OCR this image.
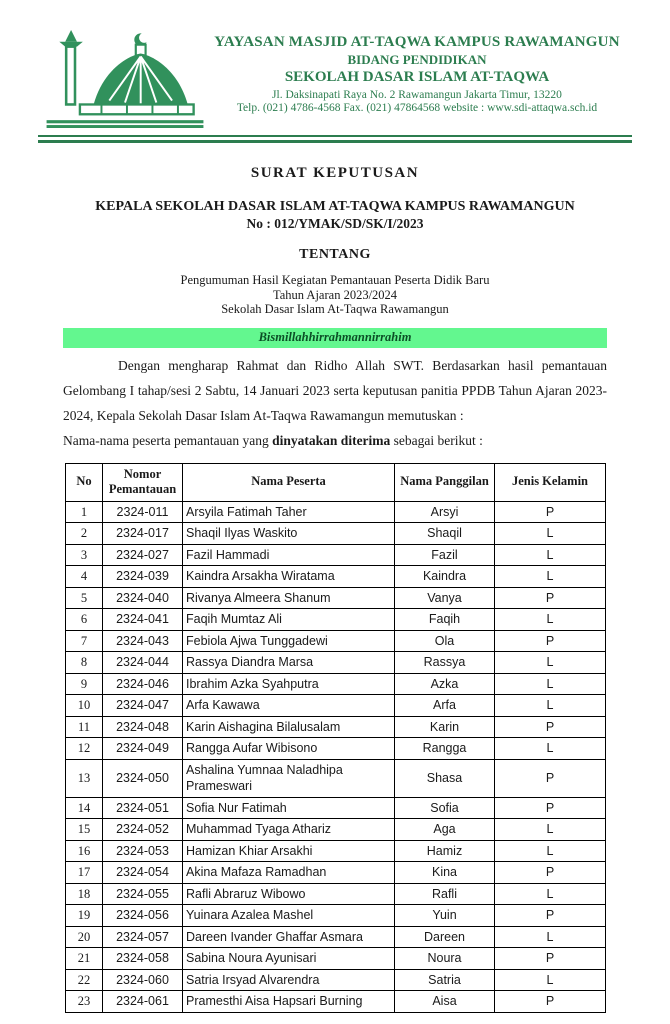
YAYASAN MASJID AT-TAQWA KAMPUS RAWAMANGUN
BIDANG PENDIDIKAN
SEKOLAH DASAR ISLAM AT-TAQWA
Jl. Daksinapati Raya No. 2 Rawamangun Jakarta Timur, 13220
Telp. (021) 4786-4568 Fax. (021) 47864568 website : www.sdi-attaqwa.sch.id
SURAT KEPUTUSAN
KEPALA SEKOLAH DASAR ISLAM AT-TAQWA KAMPUS RAWAMANGUN
No : 012/YMAK/SD/SK/I/2023
TENTANG
Pengumuman Hasil Kegiatan Pemantauan Peserta Didik Baru
Tahun Ajaran 2023/2024
Sekolah Dasar Islam At-Taqwa Rawamangun
Bismillahhirrahmannirrahim

Dengan mengharap Rahmat dan Ridho Allah SWT. Berdasarkan hasil pemantauan Gelombang I tahap/sesi 2 Sabtu, 14 Januari 2023 serta keputusan panitia PPDB Tahun Ajaran 2023-2024, Kepala Sekolah Dasar Islam At-Taqwa Rawamangun memutuskan :

Nama-nama peserta pemantauan yang dinyatakan diterima sebagai berikut :

No	Nomor Pemantauan	Nama Peserta	Nama Panggilan	Jenis Kelamin
1	2324-011	Arsyila Fatimah Taher	Arsyi	P
2	2324-017	Shaqil Ilyas Waskito	Shaqil	L
3	2324-027	Fazil Hammadi	Fazil	L
4	2324-039	Kaindra Arsakha Wiratama	Kaindra	L
5	2324-040	Rivanya Almeera Shanum	Vanya	P
6	2324-041	Faqih Mumtaz Ali	Faqih	L
7	2324-043	Febiola Ajwa Tunggadewi	Ola	P
8	2324-044	Rassya Diandra Marsa	Rassya	L
9	2324-046	Ibrahim Azka Syahputra	Azka	L
10	2324-047	Arfa Kawawa	Arfa	L
11	2324-048	Karin Aishagina Bilalusalam	Karin	P
12	2324-049	Rangga Aufar Wibisono	Rangga	L
13	2324-050	Ashalina Yumnaa Naladhipa Prameswari	Shasa	P
14	2324-051	Sofia Nur Fatimah	Sofia	P
15	2324-052	Muhammad Tyaga Athariz	Aga	L
16	2324-053	Hamizan Khiar Arsakhi	Hamiz	L
17	2324-054	Akina Mafaza Ramadhan	Kina	P
18	2324-055	Rafli Abraruz Wibowo	Rafli	L
19	2324-056	Yuinara Azalea Mashel	Yuin	P
20	2324-057	Dareen Ivander Ghaffar Asmara	Dareen	L
21	2324-058	Sabina Noura Ayunisari	Noura	P
22	2324-060	Satria Irsyad Alvarendra	Satria	L
23	2324-061	Pramesthi Aisa Hapsari Burning	Aisa	P
